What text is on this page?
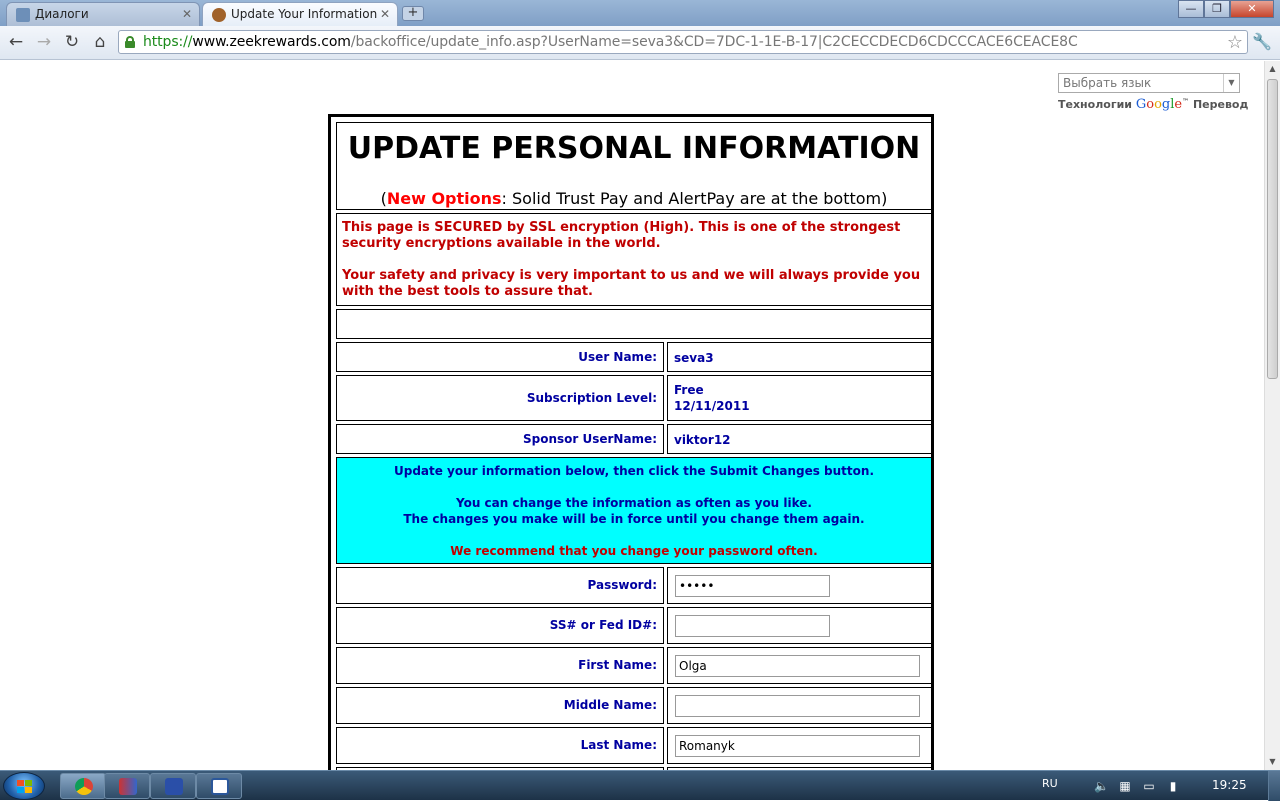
Диалоги	✕	Update Your Information ✕	+	—	❐	✕
← → ↻ ⌂	https://www.zeekrewards.com/backoffice/update_info.asp?UserName=seva3&CD=7DC-1-1E-B-17|C2CECCDECD6CDCCCACE6CEACE8C	☆ 🔧
Выбрать язык	▼
Технологии Google™ Перевод
UPDATE PERSONAL INFORMATION
(New Options: Solid Trust Pay and AlertPay are at the bottom)

This page is SECURED by SSL encryption (High). This is one of the strongest security encryptions available in the world.

Your safety and privacy is very important to us and we will always provide you with the best tools to assure that.

User Name:	seva3
Subscription Level:
Free
12/11/2011
Sponsor UserName:	viktor12
Update your information below, then click the Submit Changes button.
You can change the information as often as you like.
The changes you make will be in force until you change them again.
We recommend that you change your password often.
Password:
SS# or Fed ID#:
First Name:
Olga
Middle Name:
Last Name:
Romanyk
▲
▼
RU	🔈 ▦ ▭	▮	19:25
